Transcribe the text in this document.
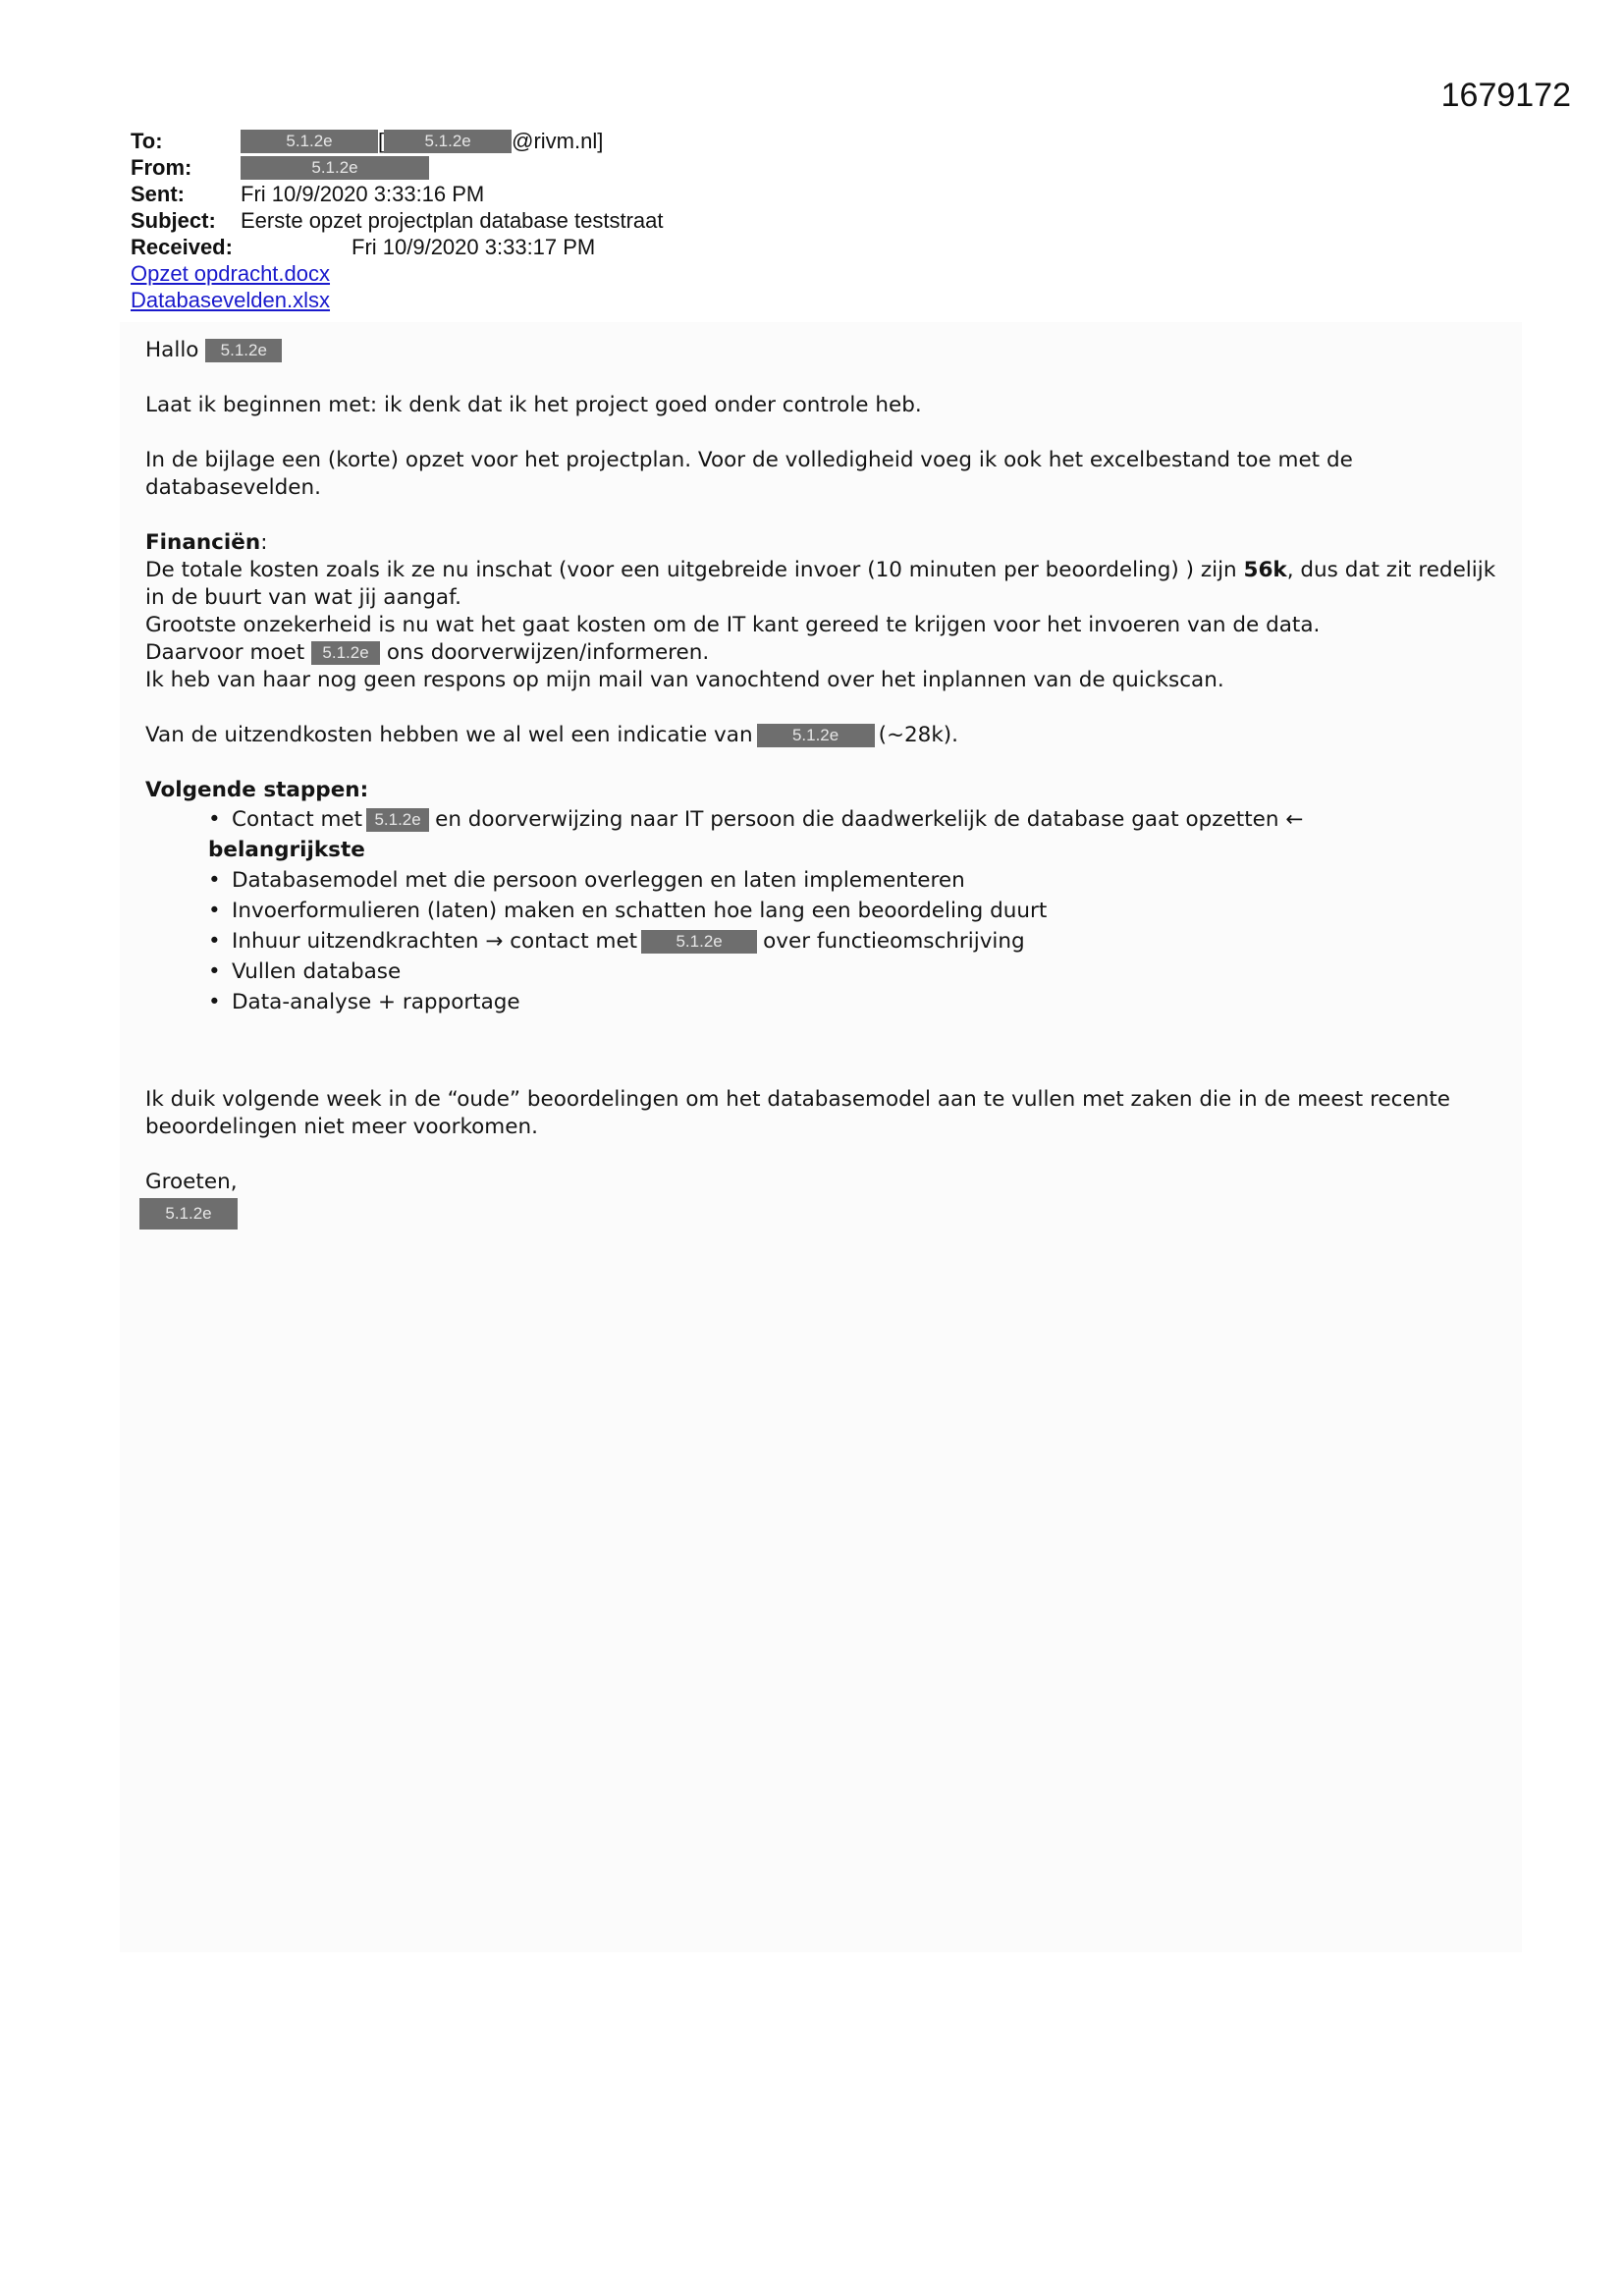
1679172
To:	5.1.2e	[	5.1.2e	@rivm.nl]
From:	5.1.2e
Sent:	Fri 10/9/2020 3:33:16 PM
Subject:	Eerste opzet projectplan database teststraat
Received:	Fri 10/9/2020 3:33:17 PM
Opzet opdracht.docx
Databasevelden.xlsx

Hallo 5.1.2e

Laat ik beginnen met: ik denk dat ik het project goed onder controle heb.

In de bijlage een (korte) opzet voor het projectplan. Voor de volledigheid voeg ik ook het excelbestand toe met de databasevelden.

Financiën:
De totale kosten zoals ik ze nu inschat (voor een uitgebreide invoer (10 minuten per beoordeling) ) zijn 56k, dus dat zit redelijk in de buurt van wat jij aangaf.
Grootste onzekerheid is nu wat het gaat kosten om de IT kant gereed te krijgen voor het invoeren van de data.
Daarvoor moet 5.1.2e ons doorverwijzen/informeren.
Ik heb van haar nog geen respons op mijn mail van vanochtend over het inplannen van de quickscan.

Van de uitzendkosten hebben we al wel een indicatie van 5.1.2e (~28k).

Volgende stappen:
• Contact met 5.1.2e en doorverwijzing naar IT persoon die daadwerkelijk de database gaat opzetten ←
belangrijkste
• Databasemodel met die persoon overleggen en laten implementeren
• Invoerformulieren (laten) maken en schatten hoe lang een beoordeling duurt
• Inhuur uitzendkrachten → contact met 5.1.2e over functieomschrijving
• Vullen database
• Data-analyse + rapportage

Ik duik volgende week in de “oude” beoordelingen om het databasemodel aan te vullen met zaken die in de meest recente beoordelingen niet meer voorkomen.

Groeten,
5.1.2e
